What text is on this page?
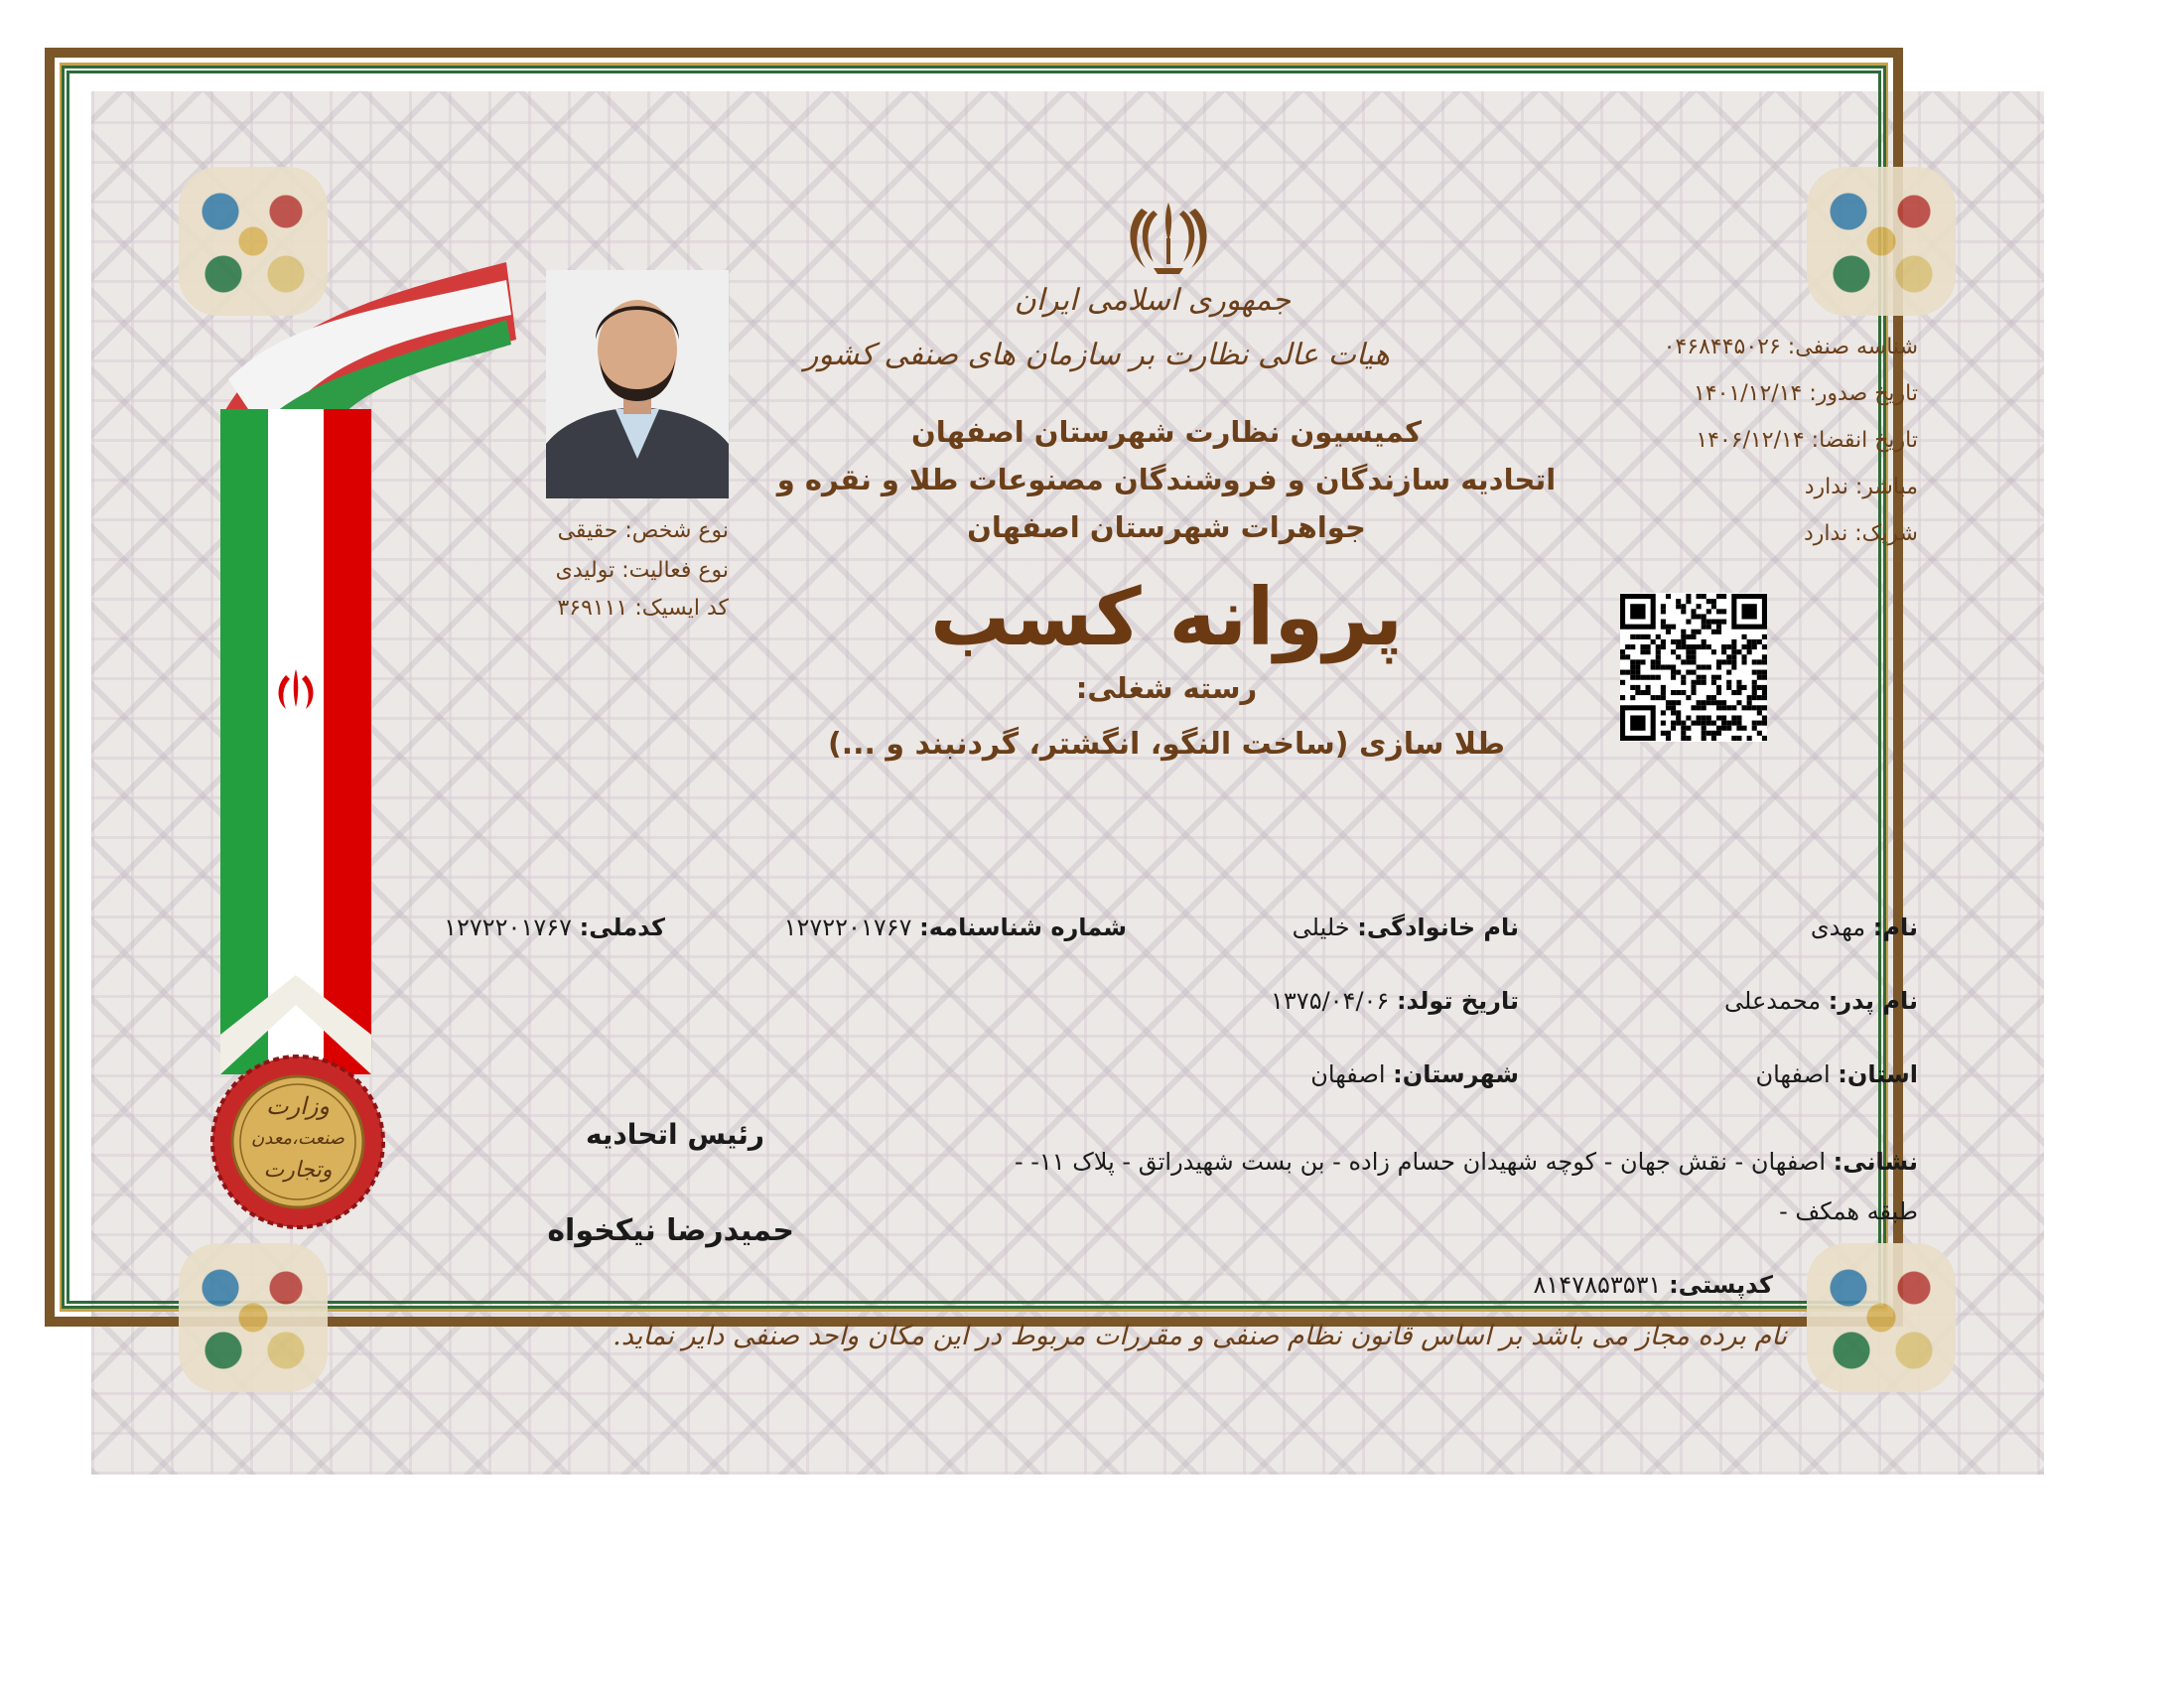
جمهوری اسلامی ایران
هیات عالی نظارت بر سازمان های صنفی کشور
کمیسیون نظارت شهرستان اصفهان
اتحادیه سازندگان و فروشندگان مصنوعات طلا و نقره و
جواهرات شهرستان اصفهان
پروانه کسب
رسته شغلی:
طلا سازی (ساخت النگو، انگشتر، گردنبند و ...)
شناسه صنفی: ۰۴۶۸۴۴۵۰۲۶
تاریخ صدور: ۱۴۰۱/۱۲/۱۴
تاریخ انقضا: ۱۴۰۶/۱۲/۱۴
مباشر: ندارد
شریک: ندارد
نوع شخص: حقیقی
نوع فعالیت: تولیدی
کد ایسیک: ۳۶۹۱۱۱
وزارت
صنعت،معدن
وتجارت
نام: مهدی
نام خانوادگی: خلیلی
شماره شناسنامه: ۱۲۷۲۲۰۱۷۶۷
کدملی: ۱۲۷۲۲۰۱۷۶۷
نام پدر: محمدعلی
تاریخ تولد: ۱۳۷۵/۰۴/۰۶
استان: اصفهان
شهرستان: اصفهان
نشانی: اصفهان - نقش جهان - کوچه شهیدان حسام زاده - بن بست شهیدراتق - پلاک ۱۱- -
طبقه همکف -
کدپستی: ۸۱۴۷۸۵۳۵۳۱
رئیس اتحادیه
حمیدرضا نیکخواه
نام برده مجاز می باشد بر اساس قانون نظام صنفی و مقررات مربوط در این مکان واحد صنفی دایر نماید.
